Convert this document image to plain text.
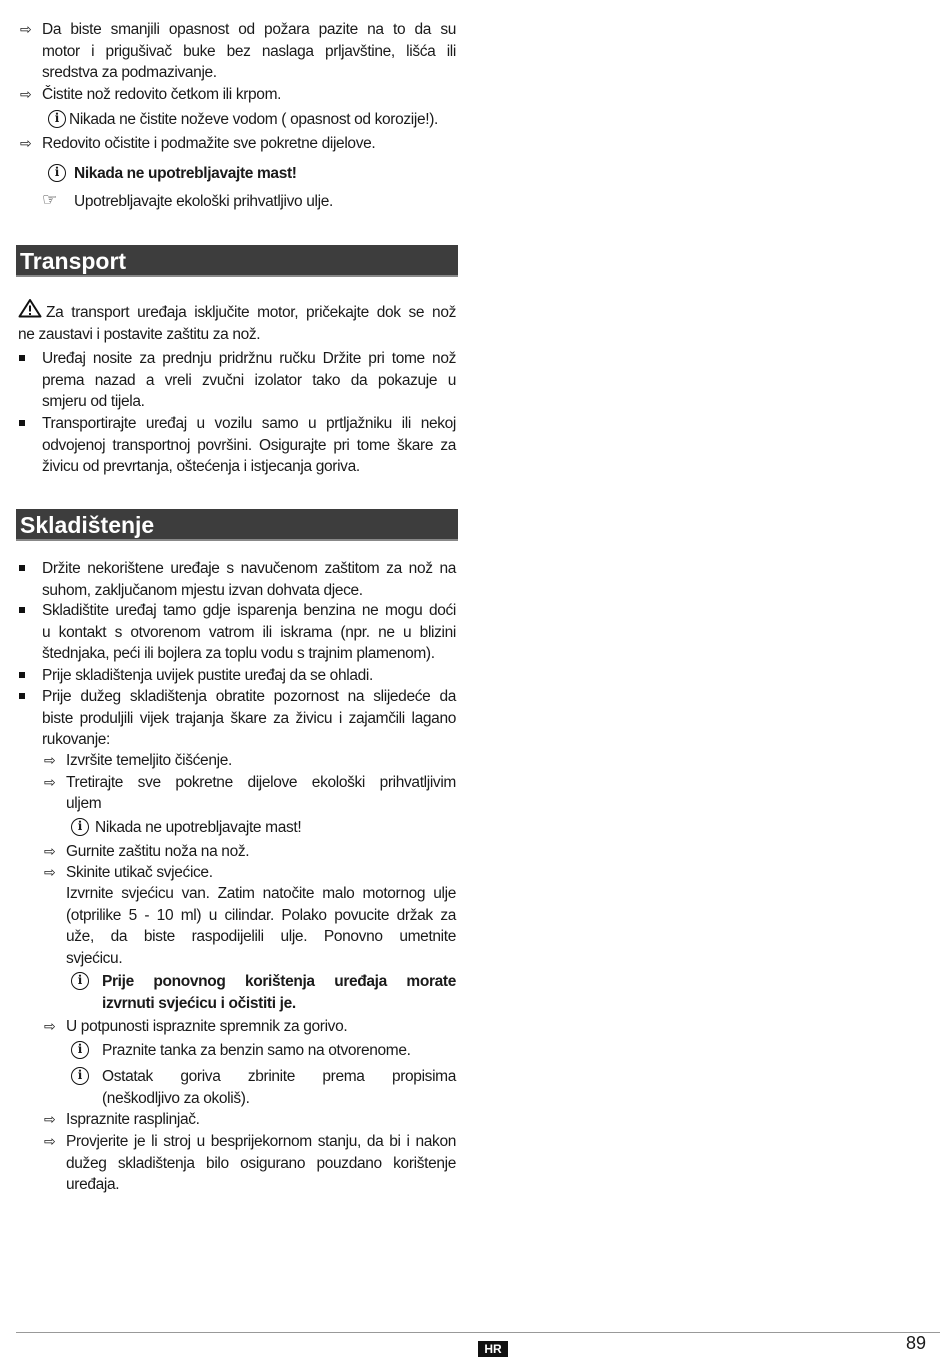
⇨ Da biste smanjili opasnost od požara pazite na to da su
motor i prigušivač buke bez naslaga prljavštine, lišća ili
sredstva za podmazivanje.
⇨ Čistite nož redovito četkom ili krpom.
i Nikada ne čistite noževe vodom ( opasnost od korozije!).
⇨ Redovito očistite i podmažite sve pokretne dijelove.
i Nikada ne upotrebljavajte mast!
☞ Upotrebljavajte ekološki prihvatljivo ulje.
Transport
Za transport uređaja isključite motor, pričekajte dok se nož
ne zaustavi i postavite zaštitu za nož.
Uređaj nosite za prednju pridržnu ručku Držite pri tome nož
prema nazad a vreli zvučni izolator tako da pokazuje u
smjeru od tijela.
Transportirajte uređaj u vozilu samo u prtljažniku ili nekoj
odvojenoj transportnoj površini. Osigurajte pri tome škare za
živicu od prevrtanja, oštećenja i istjecanja goriva.
Skladištenje
Držite nekorištene uređaje s navučenom zaštitom za nož na
suhom, zaključanom mjestu izvan dohvata djece.
Skladištite uređaj tamo gdje isparenja benzina ne mogu doći
u kontakt s otvorenom vatrom ili iskrama (npr. ne u blizini
štednjaka, peći ili bojlera za toplu vodu s trajnim plamenom).
Prije skladištenja uvijek pustite uređaj da se ohladi.
Prije dužeg skladištenja obratite pozornost na slijedeće da
biste produljili vijek trajanja škare za živicu i zajamčili lagano
rukovanje:
⇨ Izvršite temeljito čišćenje.
⇨ Tretirajte sve pokretne dijelove ekološki prihvatljivim
uljem
i Nikada ne upotrebljavajte mast!
⇨ Gurnite zaštitu noža na nož.
⇨ Skinite utikač svjećice.
Izvrnite svjećicu van. Zatim natočite malo motornog ulje
(otprilike 5 - 10 ml) u cilindar. Polako povucite držak za
uže, da biste raspodijelili ulje. Ponovno umetnite
svjećicu.
i	Prije ponovnog korištenja uređaja morate
izvrnuti svjećicu i očistiti je.
⇨ U potpunosti ispraznite spremnik za gorivo.
i	Praznite tanka za benzin samo na otvorenome.
i	Ostatak goriva zbrinite prema propisima
(neškodljivo za okoliš).
⇨ Ispraznite rasplinjač.
⇨ Provjerite je li stroj u besprijekornom stanju, da bi i nakon
dužeg skladištenja bilo osigurano pouzdano korištenje
uređaja.
HR	89
